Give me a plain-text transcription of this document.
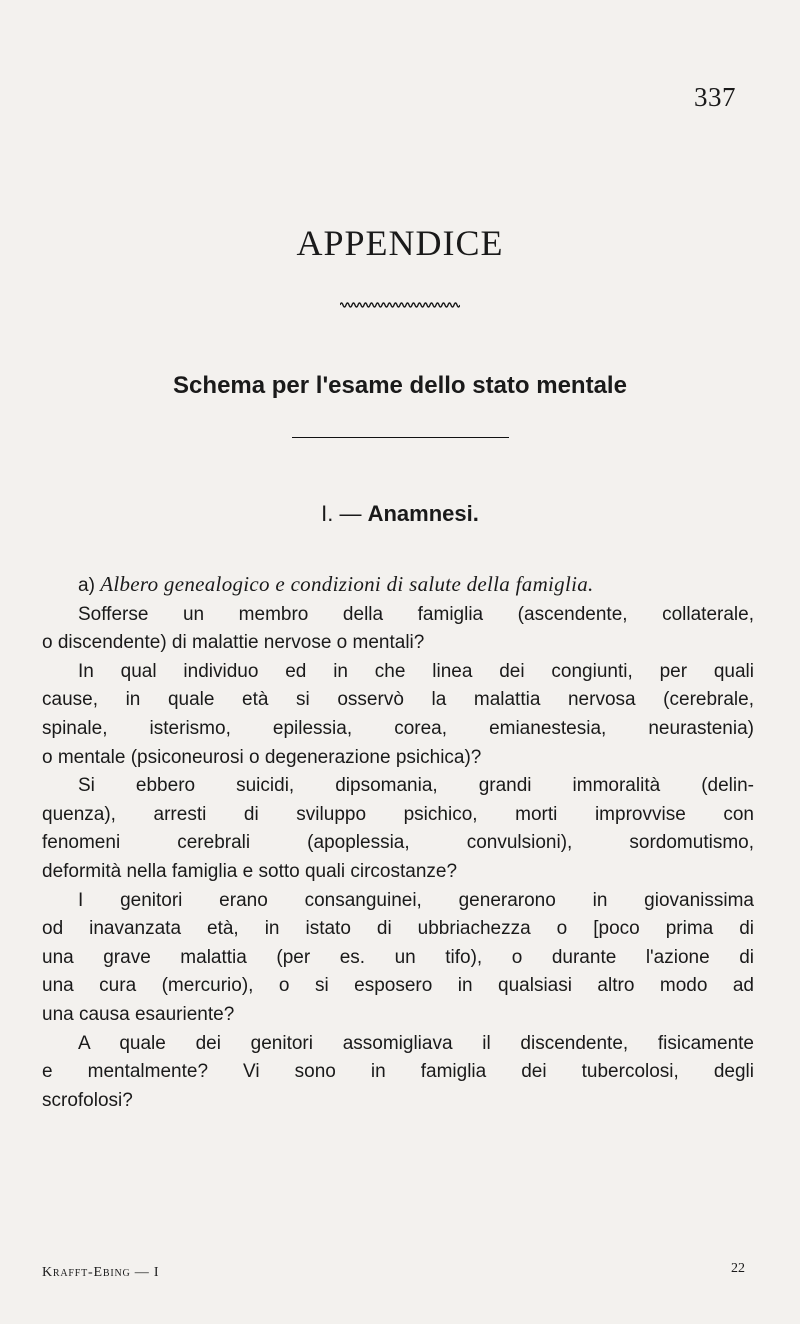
337
APPENDICE
Schema per l'esame dello stato mentale
I. — Anamnesi.
a) Albero genealogico e condizioni di salute della famiglia.
Sofferse un membro della famiglia (ascendente, collaterale,
o discendente) di malattie nervose o mentali?
In qual individuo ed in che linea dei congiunti, per quali
cause, in quale età si osservò la malattia nervosa (cerebrale,
spinale, isterismo, epilessia, corea, emianestesia, neurastenia)
o mentale (psiconeurosi o degenerazione psichica)?
Si ebbero suicidi, dipsomania, grandi immoralità (delin-
quenza), arresti di sviluppo psichico, morti improvvise con
fenomeni cerebrali (apoplessia, convulsioni), sordomutismo,
deformità nella famiglia e sotto quali circostanze?
I genitori erano consanguinei, generarono in giovanissima
od inavanzata età, in istato di ubbriachezza o [poco prima di
una grave malattia (per es. un tifo), o durante l'azione di
una cura (mercurio), o si esposero in qualsiasi altro modo ad
una causa esauriente?
A quale dei genitori assomigliava il discendente, fisicamente
e mentalmente? Vi sono in famiglia dei tubercolosi, degli
scrofolosi?
Krafft-Ebing — I	22
